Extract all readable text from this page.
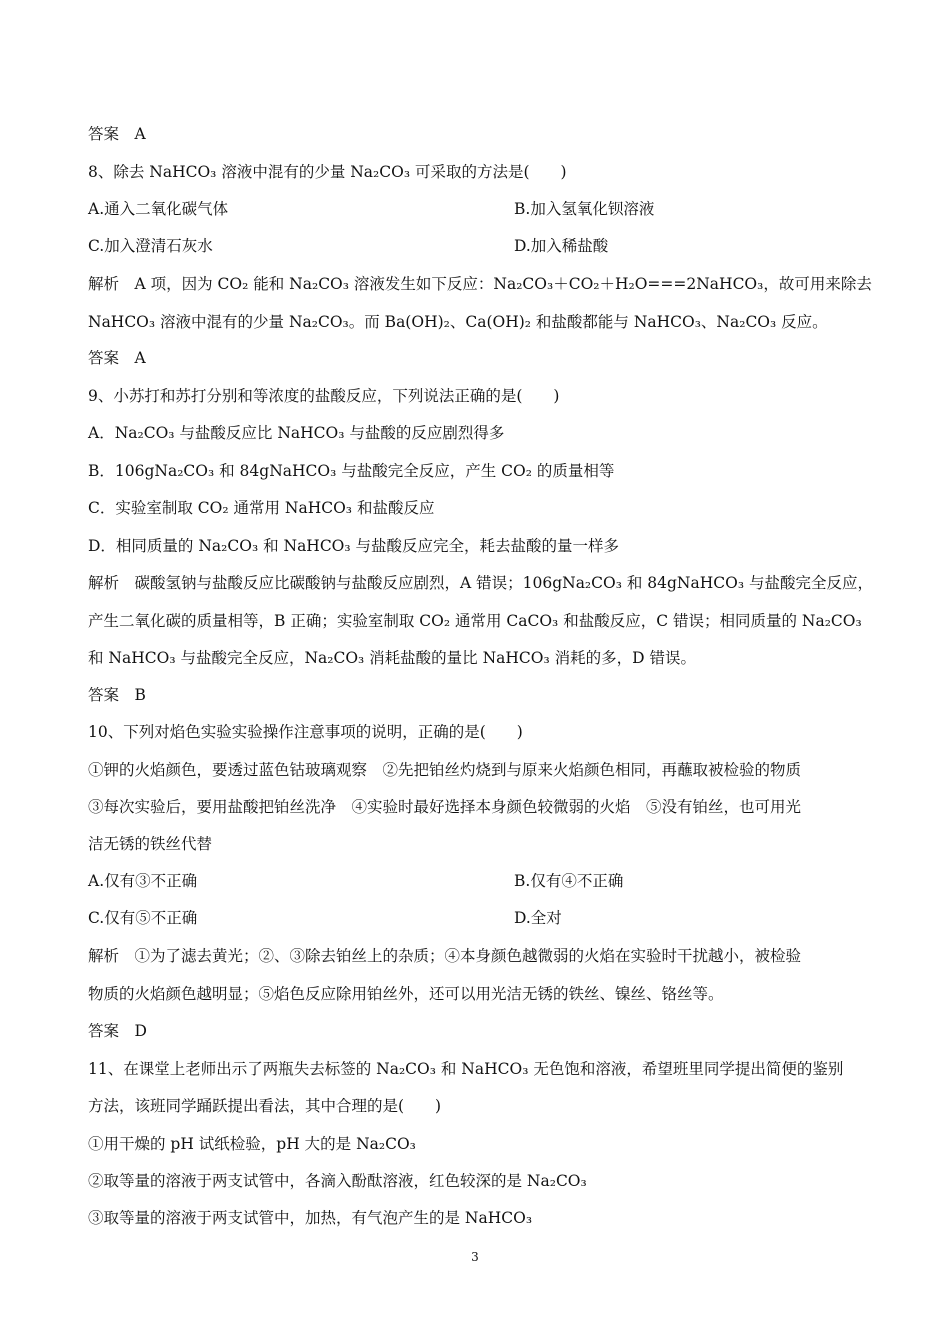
答案　A
8、除去 NaHCO₃ 溶液中混有的少量 Na₂CO₃ 可采取的方法是(　　)
A.通入二氧化碳气体	B.加入氢氧化钡溶液
C.加入澄清石灰水	D.加入稀盐酸
解析　A 项，因为 CO₂ 能和 Na₂CO₃ 溶液发生如下反应：Na₂CO₃＋CO₂＋H₂O===2NaHCO₃，故可用来除去
NaHCO₃ 溶液中混有的少量 Na₂CO₃。而 Ba(OH)₂、Ca(OH)₂ 和盐酸都能与 NaHCO₃、Na₂CO₃ 反应。
答案　A
9、小苏打和苏打分别和等浓度的盐酸反应，下列说法正确的是(　　)
A．Na₂CO₃ 与盐酸反应比 NaHCO₃ 与盐酸的反应剧烈得多
B．106gNa₂CO₃ 和 84gNaHCO₃ 与盐酸完全反应，产生 CO₂ 的质量相等
C．实验室制取 CO₂ 通常用 NaHCO₃ 和盐酸反应
D．相同质量的 Na₂CO₃ 和 NaHCO₃ 与盐酸反应完全，耗去盐酸的量一样多
解析　碳酸氢钠与盐酸反应比碳酸钠与盐酸反应剧烈，A 错误；106gNa₂CO₃ 和 84gNaHCO₃ 与盐酸完全反应，
产生二氧化碳的质量相等，B 正确；实验室制取 CO₂ 通常用 CaCO₃ 和盐酸反应，C 错误；相同质量的 Na₂CO₃
和 NaHCO₃ 与盐酸完全反应，Na₂CO₃ 消耗盐酸的量比 NaHCO₃ 消耗的多，D 错误。
答案　B
10、下列对焰色实验实验操作注意事项的说明，正确的是(　　)
①钾的火焰颜色，要透过蓝色钴玻璃观察　②先把铂丝灼烧到与原来火焰颜色相同，再蘸取被检验的物质
③每次实验后，要用盐酸把铂丝洗净　④实验时最好选择本身颜色较微弱的火焰　⑤没有铂丝，也可用光
洁无锈的铁丝代替
A.仅有③不正确	B.仅有④不正确
C.仅有⑤不正确	D.全对
解析　①为了滤去黄光；②、③除去铂丝上的杂质；④本身颜色越微弱的火焰在实验时干扰越小，被检验
物质的火焰颜色越明显；⑤焰色反应除用铂丝外，还可以用光洁无锈的铁丝、镍丝、铬丝等。
答案　D
11、在课堂上老师出示了两瓶失去标签的 Na₂CO₃ 和 NaHCO₃ 无色饱和溶液，希望班里同学提出简便的鉴别
方法，该班同学踊跃提出看法，其中合理的是(　　)
①用干燥的 pH 试纸检验，pH 大的是 Na₂CO₃
②取等量的溶液于两支试管中，各滴入酚酞溶液，红色较深的是 Na₂CO₃
③取等量的溶液于两支试管中，加热，有气泡产生的是 NaHCO₃
3
